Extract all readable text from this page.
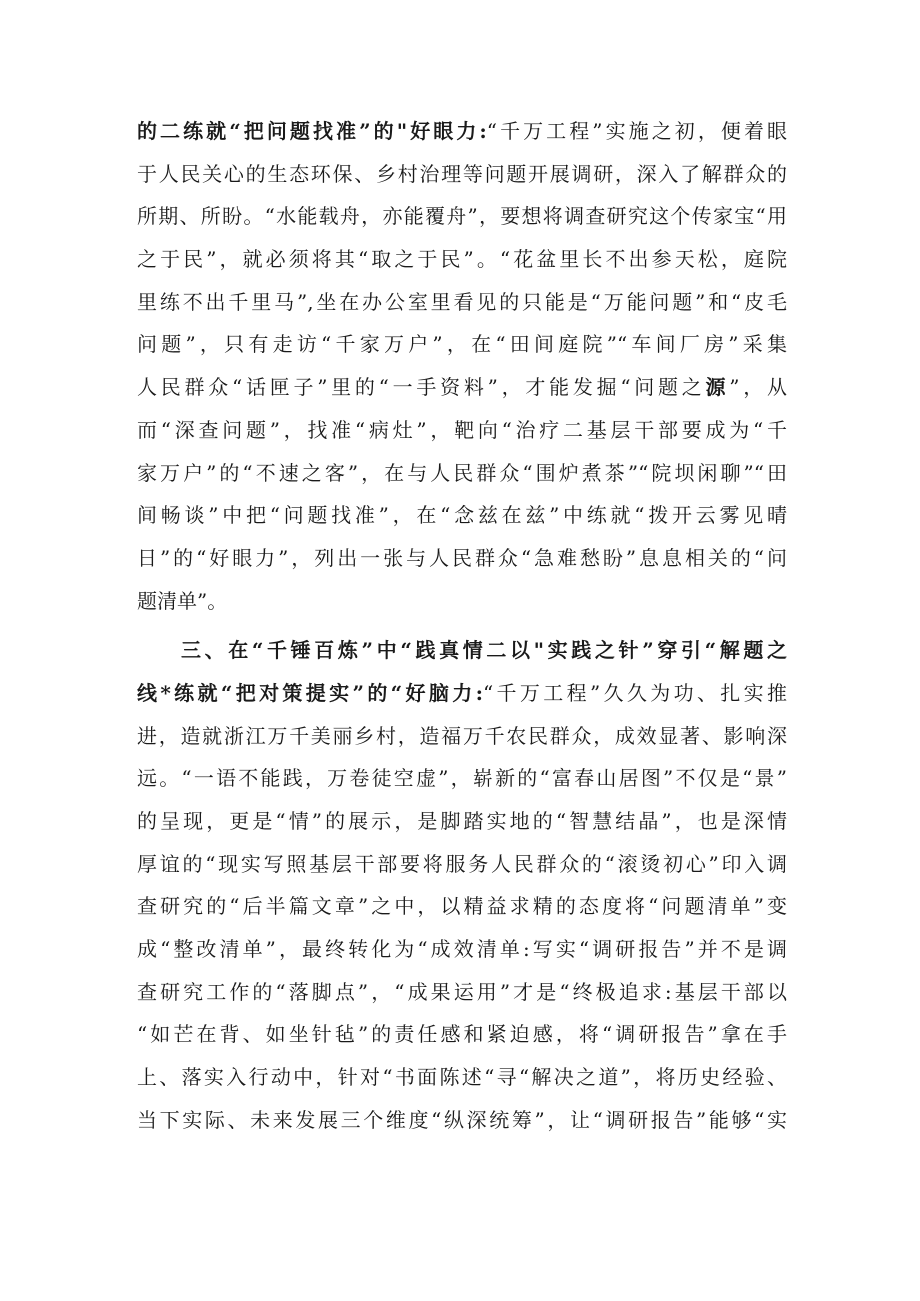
的二练就“把问题找准”的"好眼力:“千万工程”实施之初，便着眼
于人民关心的生态环保、乡村治理等问题开展调研，深入了解群众的
所期、所盼。“水能载舟，亦能覆舟”，要想将调查研究这个传家宝“用
之于民”，就必须将其“取之于民”。“花盆里长不出参天松，庭院
里练不出千里马”,坐在办公室里看见的只能是“万能问题”和“皮毛
问题”，只有走访“千家万户”，在“田间庭院”“车间厂房”采集
人民群众“话匣子”里的“一手资料”，才能发掘“问题之源”，从
而“深查问题”，找准“病灶”，靶向“治疗二基层干部要成为“千
家万户”的“不速之客”，在与人民群众“围炉煮茶”“院坝闲聊”“田
间畅谈”中把“问题找准”，在“念兹在兹”中练就“拨开云雾见晴
日”的“好眼力”，列出一张与人民群众“急难愁盼”息息相关的“问
题清单”。
三、在“千锤百炼”中“践真情二以"实践之针”穿引“解题之
线*练就“把对策提实”的“好脑力:“千万工程”久久为功、扎实推
进，造就浙江万千美丽乡村，造福万千农民群众，成效显著、影响深
远。“一语不能践，万卷徒空虚”，崭新的“富春山居图”不仅是“景”
的呈现，更是“情”的展示，是脚踏实地的“智慧结晶”，也是深情
厚谊的“现实写照基层干部要将服务人民群众的“滚烫初心”印入调
查研究的“后半篇文章”之中，以精益求精的态度将“问题清单”变
成“整改清单”，最终转化为“成效清单:写实“调研报告”并不是调
查研究工作的“落脚点”，“成果运用”才是“终极追求:基层干部以
“如芒在背、如坐针毡”的责任感和紧迫感，将“调研报告”拿在手
上、落实入行动中，针对“书面陈述“寻“解决之道”，将历史经验、
当下实际、未来发展三个维度“纵深统筹”，让“调研报告”能够“实
